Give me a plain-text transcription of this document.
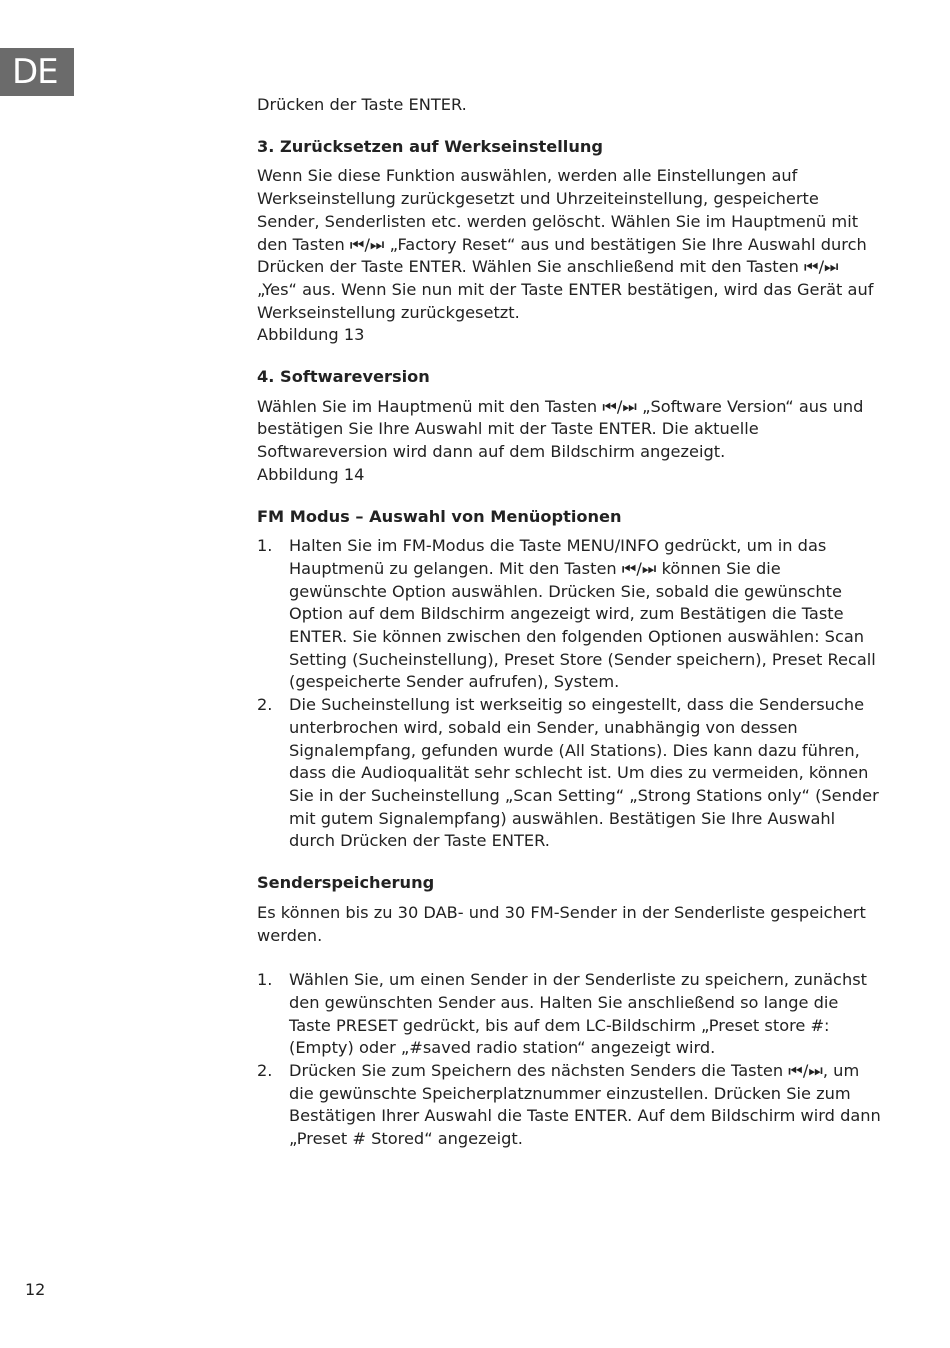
DE

Drücken der Taste ENTER.

3. Zurücksetzen auf Werkseinstellung

Wenn Sie diese Funktion auswählen, werden alle Einstellungen auf Werkseinstellung zurückgesetzt und Uhrzeiteinstellung, gespeicherte Sender, Senderlisten etc. werden gelöscht. Wählen Sie im Hauptmenü mit den Tasten ⏮/⏭ „Factory Reset“ aus und bestätigen Sie Ihre Auswahl durch Drücken der Taste ENTER. Wählen Sie anschließend mit den Tasten ⏮/⏭ „Yes“ aus. Wenn Sie nun mit der Taste ENTER bestätigen, wird das Gerät auf Werkseinstellung zurückgesetzt.

Abbildung 13

4. Softwareversion

Wählen Sie im Hauptmenü mit den Tasten ⏮/⏭ „Software Version“ aus und bestätigen Sie Ihre Auswahl mit der Taste ENTER. Die aktuelle Softwareversion wird dann auf dem Bildschirm angezeigt.

Abbildung 14

FM Modus – Auswahl von Menüoptionen

1. Halten Sie im FM-Modus die Taste MENU/INFO gedrückt, um in das Hauptmenü zu gelangen. Mit den Tasten ⏮/⏭ können Sie die gewünschte Option auswählen. Drücken Sie, sobald die gewünschte Option auf dem Bildschirm angezeigt wird, zum Bestätigen die Taste ENTER. Sie können zwischen den folgenden Optionen auswählen: Scan Setting (Sucheinstellung), Preset Store (Sender speichern), Preset Recall (gespeicherte Sender aufrufen), System.
2. Die Sucheinstellung ist werkseitig so eingestellt, dass die Sendersuche unterbrochen wird, sobald ein Sender, unabhängig von dessen Signalempfang, gefunden wurde (All Stations). Dies kann dazu führen, dass die Audioqualität sehr schlecht ist. Um dies zu vermeiden, können Sie in der Sucheinstellung „Scan Setting“ „Strong Stations only“ (Sender mit gutem Signalempfang) auswählen. Bestätigen Sie Ihre Auswahl durch Drücken der Taste ENTER.

Senderspeicherung

Es können bis zu 30 DAB- und 30 FM-Sender in der Senderliste gespeichert werden.

1. Wählen Sie, um einen Sender in der Senderliste zu speichern, zunächst den gewünschten Sender aus. Halten Sie anschließend so lange die Taste PRESET gedrückt, bis auf dem LC-Bildschirm „Preset store #: (Empty) oder „#saved radio station“ angezeigt wird.
2. Drücken Sie zum Speichern des nächsten Senders die Tasten ⏮/⏭, um die gewünschte Speicherplatznummer einzustellen. Drücken Sie zum Bestätigen Ihrer Auswahl die Taste ENTER. Auf dem Bildschirm wird dann „Preset # Stored“ angezeigt.
12
